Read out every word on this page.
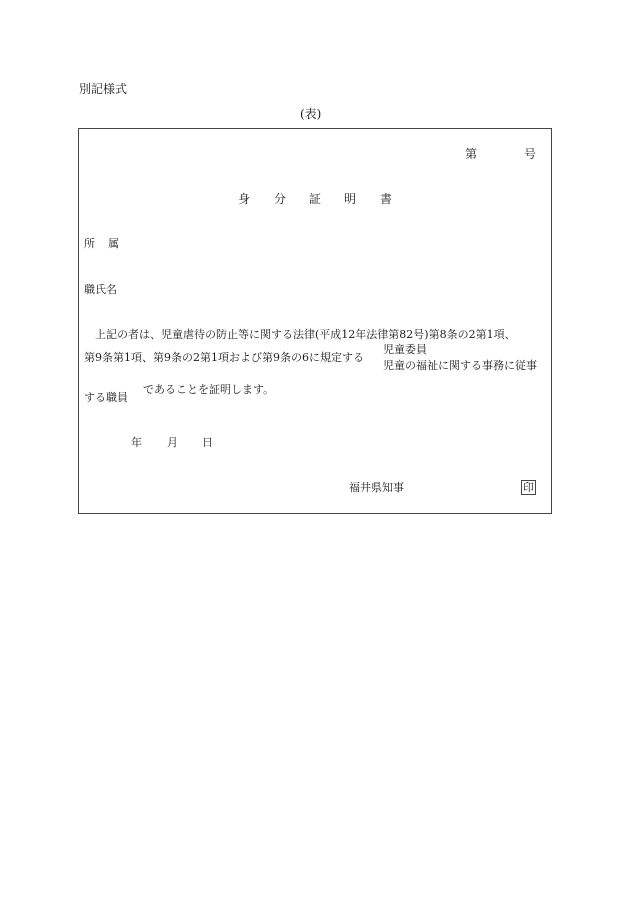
別記様式
(表)
第	号
身 分 証 明 書
所 属
職氏名
上記の者は、児童虐待の防止等に関する法律(平成12年法律第82号)第8条の2第1項、
第9条第1項、第9条の2第1項および第9条の6に規定する
児童委員
児童の福祉に関する事務に従事
であることを証明します。
する職員
年 月 日
福井県知事	印
